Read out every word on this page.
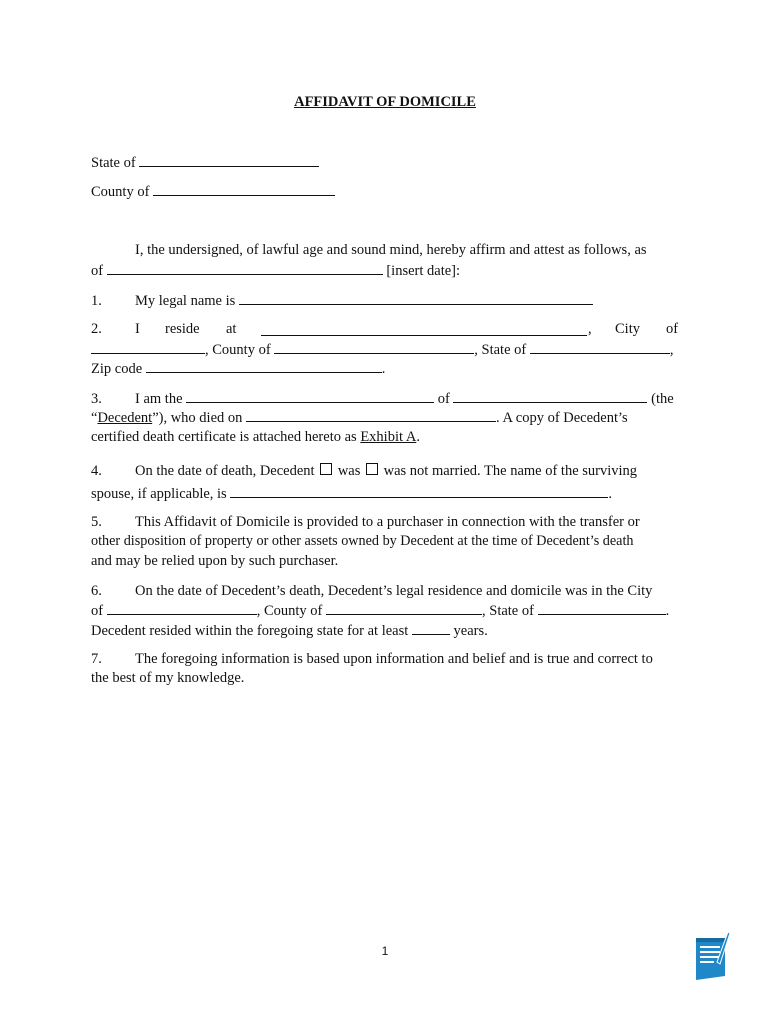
AFFIDAVIT OF DOMICILE
State of
County of
I, the undersigned, of lawful age and sound mind, hereby affirm and attest as follows, as
of	[insert date]:
1. My legal name is
2. I reside at	, City of
, County of	, State of	,
Zip code	.
3. I am the	of	(the
“Decedent”), who died on	. A copy of Decedent’s
certified death certificate is attached hereto as Exhibit A.
4. On the date of death, Decedent was was not married. The name of the surviving
spouse, if applicable, is	.
5. This Affidavit of Domicile is provided to a purchaser in connection with the transfer or
other disposition of property or other assets owned by Decedent at the time of Decedent’s death
and may be relied upon by such purchaser.
6. On the date of Decedent’s death, Decedent’s legal residence and domicile was in the City
of	, County of	, State of	.
Decedent resided within the foregoing state for at least	years.
7. The foregoing information is based upon information and belief and is true and correct to
the best of my knowledge.
1
